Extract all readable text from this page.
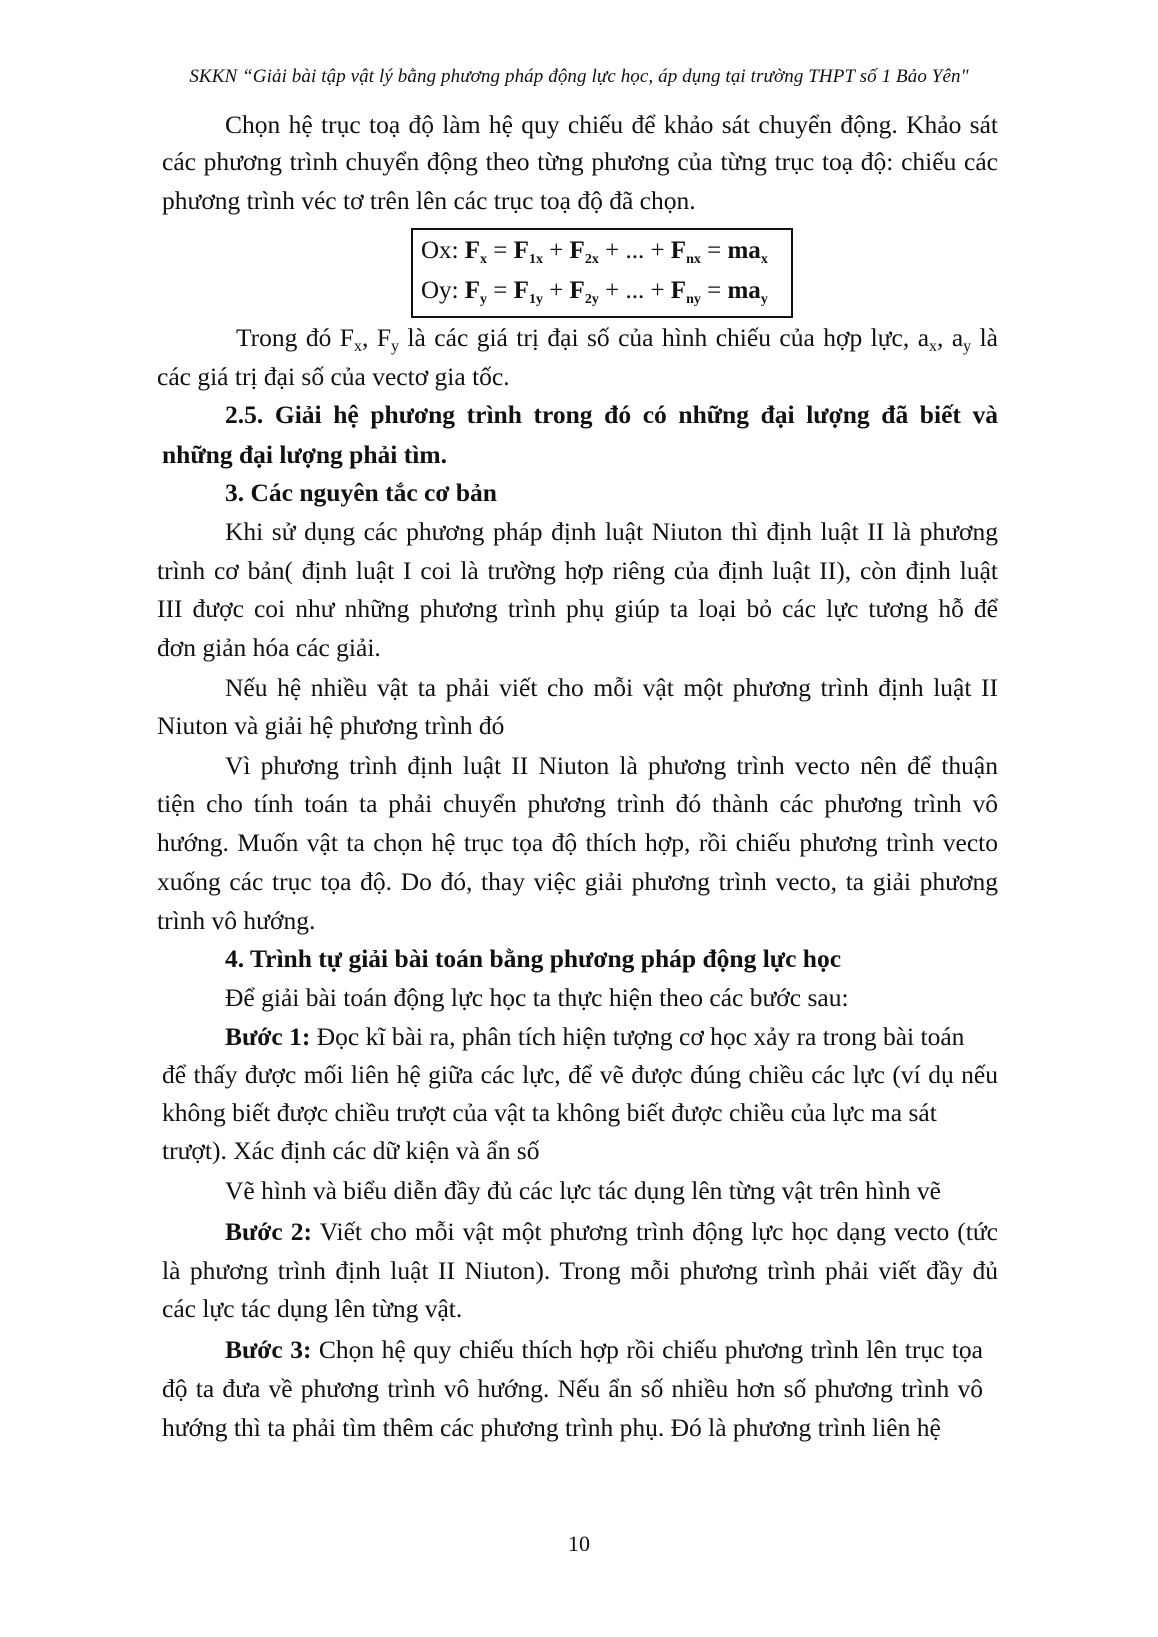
SKKN “Giải bài tập vật lý bằng phương pháp động lực học, áp dụng tại trường THPT số 1 Bảo Yên"
Chọn hệ trục toạ độ làm hệ quy chiếu để khảo sát chuyển động. Khảo sát
các phương trình chuyển động theo từng phương của từng trục toạ độ: chiếu các
phương trình véc tơ trên lên các trục toạ độ đã chọn.
Ox: $F_x = F_{1x} + F_{2x}$ + ... + $F_{nx} = ma_x$
Oy: $F_y = F_{1y} + F_{2y}$ + ... + $F_{ny} = ma_y$
Trong đó $F_x$, $F_y$ là các giá trị đại số của hình chiếu của hợp lực, $a_x$, $a_y$ là
các giá trị đại số của vectơ gia tốc.
2.5. Giải hệ phương trình trong đó có những đại lượng đã biết và
những đại lượng phải tìm.
3. Các nguyên tắc cơ bản
Khi sử dụng các phương pháp định luật Niuton thì định luật II là phương
trình cơ bản( định luật I coi là trường hợp riêng của định luật II), còn định luật
III được coi như những phương trình phụ giúp ta loại bỏ các lực tương hỗ để
đơn giản hóa các giải.
Nếu hệ nhiều vật ta phải viết cho mỗi vật một phương trình định luật II
Niuton và giải hệ phương trình đó
Vì phương trình định luật II Niuton là phương trình vecto nên để thuận
tiện cho tính toán ta phải chuyển phương trình đó thành các phương trình vô
hướng. Muốn vật ta chọn hệ trục tọa độ thích hợp, rồi chiếu phương trình vecto
xuống các trục tọa độ. Do đó, thay việc giải phương trình vecto, ta giải phương
trình vô hướng.
4. Trình tự giải bài toán bằng phương pháp động lực học
Để giải bài toán động lực học ta thực hiện theo các bước sau:
Bước 1: Đọc kĩ bài ra, phân tích hiện tượng cơ học xảy ra trong bài toán
để thấy được mối liên hệ giữa các lực, để vẽ được đúng chiều các lực (ví dụ nếu
không biết được chiều trượt của vật ta không biết được chiều của lực ma sát
trượt). Xác định các dữ kiện và ẩn số
Vẽ hình và biểu diễn đầy đủ các lực tác dụng lên từng vật trên hình vẽ
Bước 2: Viết cho mỗi vật một phương trình động lực học dạng vecto (tức
là phương trình định luật II Niuton). Trong mỗi phương trình phải viết đầy đủ
các lực tác dụng lên từng vật.
Bước 3: Chọn hệ quy chiếu thích hợp rồi chiếu phương trình lên trục tọa
độ ta đưa về phương trình vô hướng. Nếu ẩn số nhiều hơn số phương trình vô
hướng thì ta phải tìm thêm các phương trình phụ. Đó là phương trình liên hệ
10
